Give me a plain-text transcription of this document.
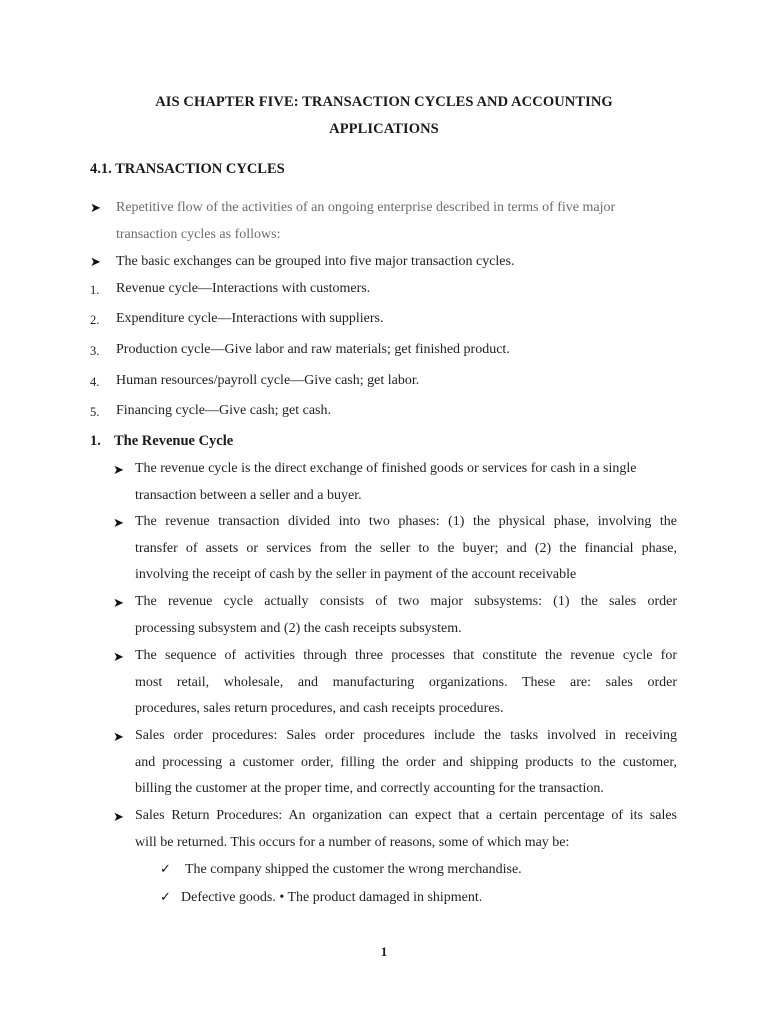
AIS CHAPTER FIVE: TRANSACTION CYCLES AND ACCOUNTING
APPLICATIONS
4.1. TRANSACTION CYCLES
➤ Repetitive flow of the activities of an ongoing enterprise described in terms of five major
transaction cycles as follows:
➤ The basic exchanges can be grouped into five major transaction cycles.
1. Revenue cycle—Interactions with customers.
2. Expenditure cycle—Interactions with suppliers.
3. Production cycle—Give labor and raw materials; get finished product.
4. Human resources/payroll cycle—Give cash; get labor.
5. Financing cycle—Give cash; get cash.
1. The Revenue Cycle
➤ The revenue cycle is the direct exchange of finished goods or services for cash in a single
transaction between a seller and a buyer.
➤ The revenue transaction divided into two phases: (1) the physical phase, involving the
transfer of assets or services from the seller to the buyer; and (2) the financial phase,
involving the receipt of cash by the seller in payment of the account receivable
➤ The revenue cycle actually consists of two major subsystems: (1) the sales order
processing subsystem and (2) the cash receipts subsystem.
➤ The sequence of activities through three processes that constitute the revenue cycle for
most retail, wholesale, and manufacturing organizations. These are: sales order
procedures, sales return procedures, and cash receipts procedures.
➤ Sales order procedures: Sales order procedures include the tasks involved in receiving
and processing a customer order, filling the order and shipping products to the customer,
billing the customer at the proper time, and correctly accounting for the transaction.
➤ Sales Return Procedures: An organization can expect that a certain percentage of its sales
will be returned. This occurs for a number of reasons, some of which may be:
✓ The company shipped the customer the wrong merchandise.
✓ Defective goods. • The product damaged in shipment.
1
